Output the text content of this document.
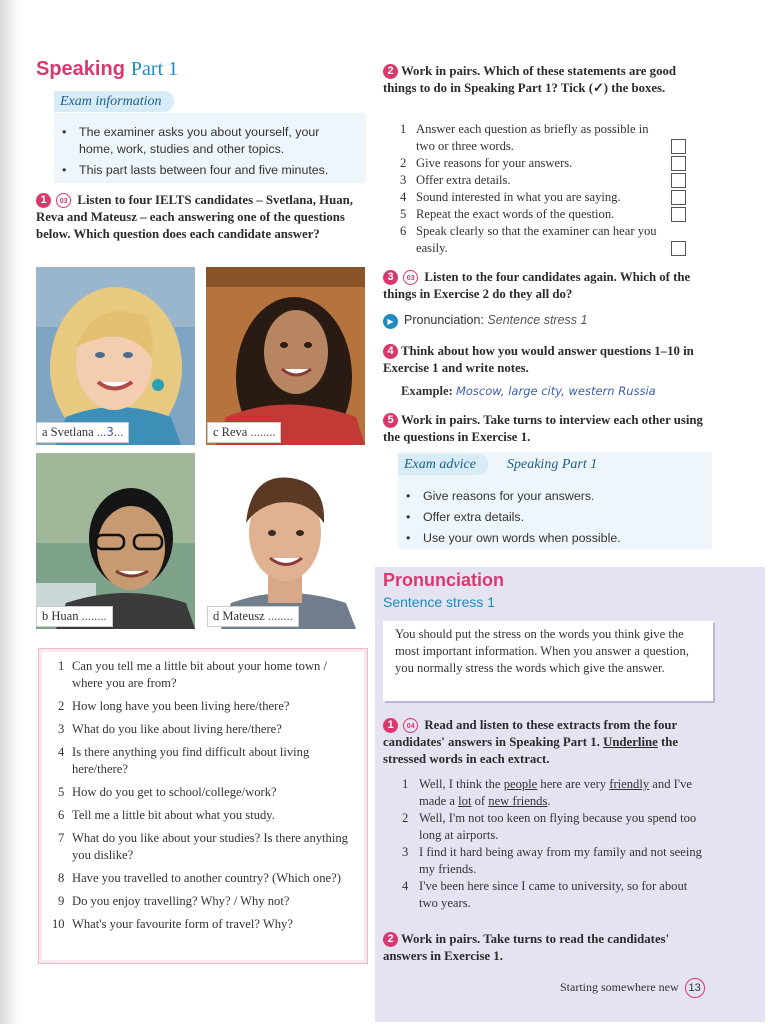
Speaking Part 1
Exam information
• The examiner asks you about yourself, your home, work, studies and other topics.
• This part lasts between four and five minutes.
1 03 Listen to four IELTS candidates – Svetlana, Huan, Reva and Mateusz – each answering one of the questions below. Which question does each candidate answer?
a Svetlana ...3...	c Reva ........
b Huan ........	d Mateusz ........
1 Can you tell me a little bit about your home town / where you are from?
2 How long have you been living here/there?
3 What do you like about living here/there?
4 Is there anything you find difficult about living here/there?
5 How do you get to school/college/work?
6 Tell me a little bit about what you study.
7 What do you like about your studies? Is there anything you dislike?
8 Have you travelled to another country? (Which one?)
9 Do you enjoy travelling? Why? / Why not?
10 What's your favourite form of travel? Why?
2 Work in pairs. Which of these statements are good things to do in Speaking Part 1? Tick (✓) the boxes.
1 Answer each question as briefly as possible in two or three words.
2 Give reasons for your answers.
3 Offer extra details.
4 Sound interested in what you are saying.
5 Repeat the exact words of the question.
6 Speak clearly so that the examiner can hear you easily.
3 03 Listen to the four candidates again. Which of the things in Exercise 2 do they all do?
▶ Pronunciation: Sentence stress 1
4 Think about how you would answer questions 1–10 in Exercise 1 and write notes.
Example: Moscow, large city, western Russia
5 Work in pairs. Take turns to interview each other using the questions in Exercise 1.
Exam advice	Speaking Part 1
• Give reasons for your answers.
• Offer extra details.
• Use your own words when possible.
Pronunciation
Sentence stress 1
You should put the stress on the words you think give the most important information. When you answer a question, you normally stress the words which give the answer.
1 04 Read and listen to these extracts from the four candidates' answers in Speaking Part 1. Underline the stressed words in each extract.
1 Well, I think the people here are very friendly and I've made a lot of new friends.
2 Well, I'm not too keen on flying because you spend too long at airports.
3 I find it hard being away from my family and not seeing my friends.
4 I've been here since I came to university, so for about two years.
2 Work in pairs. Take turns to read the candidates' answers in Exercise 1.
Starting somewhere new 13
